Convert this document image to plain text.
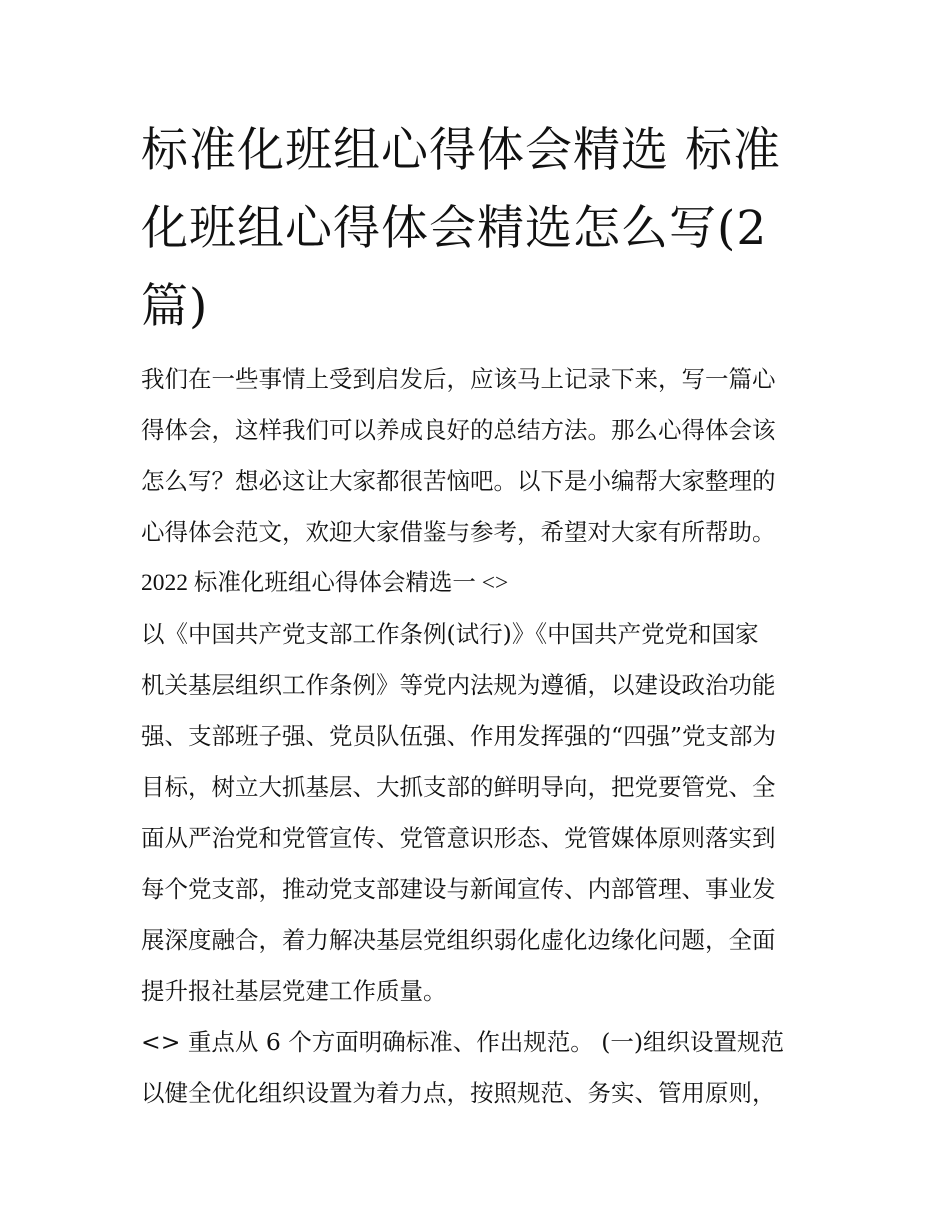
标准化班组心得体会精选 标准化班组心得体会精选怎么写(2篇)

我们在一些事情上受到启发后，应该马上记录下来，写一篇心
得体会，这样我们可以养成良好的总结方法。那么心得体会该
怎么写？想必这让大家都很苦恼吧。以下是小编帮大家整理的
心得体会范文，欢迎大家借鉴与参考，希望对大家有所帮助。

2022 标准化班组心得体会精选一 <>

以《中国共产党支部工作条例(试行)》《中国共产党党和国家
机关基层组织工作条例》等党内法规为遵循，以建设政治功能
强、支部班子强、党员队伍强、作用发挥强的“四强”党支部为
目标，树立大抓基层、大抓支部的鲜明导向，把党要管党、全
面从严治党和党管宣传、党管意识形态、党管媒体原则落实到
每个党支部，推动党支部建设与新闻宣传、内部管理、事业发
展深度融合，着力解决基层党组织弱化虚化边缘化问题，全面
提升报社基层党建工作质量。

<> 重点从 6 个方面明确标准、作出规范。 (一)组织设置规范
以健全优化组织设置为着力点，按照规范、务实、管用原则，
